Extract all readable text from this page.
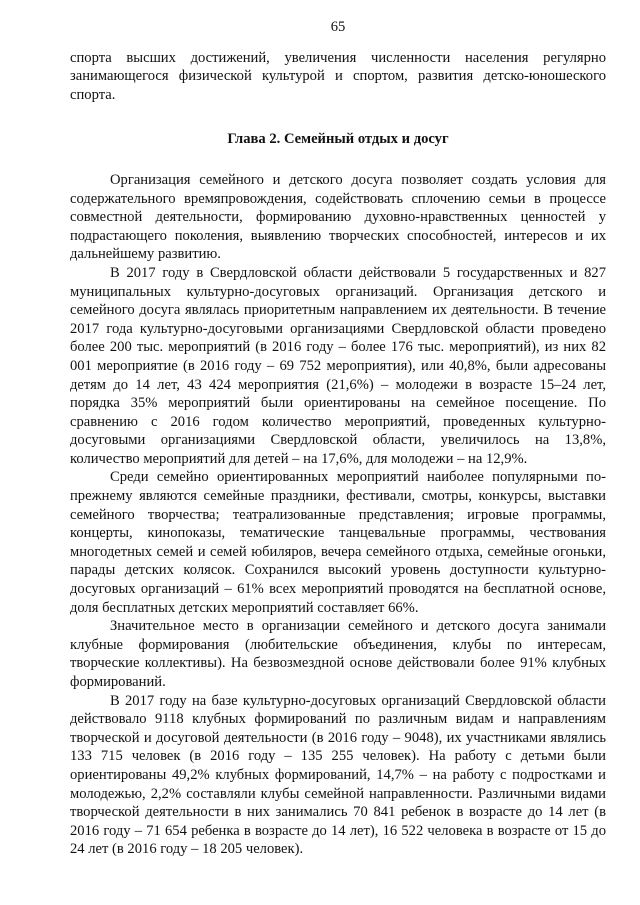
65

спорта высших достижений, увеличения численности населения регулярно занимающегося физической культурой и спортом, развития детско-юношеского спорта.

Глава 2. Семейный отдых и досуг

Организация семейного и детского досуга позволяет создать условия для содержательного времяпровождения, содействовать сплочению семьи в процессе совместной деятельности, формированию духовно-нравственных ценностей у подрастающего поколения, выявлению творческих способностей, интересов и их дальнейшему развитию.

В 2017 году в Свердловской области действовали 5 государственных и 827 муниципальных культурно-досуговых организаций. Организация детского и семейного досуга являлась приоритетным направлением их деятельности. В течение 2017 года культурно-досуговыми организациями Свердловской области проведено более 200 тыс. мероприятий (в 2016 году – более 176 тыс. мероприятий), из них 82 001 мероприятие (в 2016 году – 69 752 мероприятия), или 40,8%, были адресованы детям до 14 лет, 43 424 мероприятия (21,6%) – молодежи в возрасте 15–24 лет, порядка 35% мероприятий были ориентированы на семейное посещение. По сравнению с 2016 годом количество мероприятий, проведенных культурно-досуговыми организациями Свердловской области, увеличилось на 13,8%, количество мероприятий для детей – на 17,6%, для молодежи – на 12,9%.

Среди семейно ориентированных мероприятий наиболее популярными по-прежнему являются семейные праздники, фестивали, смотры, конкурсы, выставки семейного творчества; театрализованные представления; игровые программы, концерты, кинопоказы, тематические танцевальные программы, чествования многодетных семей и семей юбиляров, вечера семейного отдыха, семейные огоньки, парады детских колясок. Сохранился высокий уровень доступности культурно-досуговых организаций – 61% всех мероприятий проводятся на бесплатной основе, доля бесплатных детских мероприятий составляет 66%.

Значительное место в организации семейного и детского досуга занимали клубные формирования (любительские объединения, клубы по интересам, творческие коллективы). На безвозмездной основе действовали более 91% клубных формирований.

В 2017 году на базе культурно-досуговых организаций Свердловской области действовало 9118 клубных формирований по различным видам и направлениям творческой и досуговой деятельности (в 2016 году – 9048), их участниками являлись 133 715 человек (в 2016 году – 135 255 человек). На работу с детьми были ориентированы 49,2% клубных формирований, 14,7% – на работу с подростками и молодежью, 2,2% составляли клубы семейной направленности. Различными видами творческой деятельности в них занимались 70 841 ребенок в возрасте до 14 лет (в 2016 году – 71 654 ребенка в возрасте до 14 лет), 16 522 человека в возрасте от 15 до 24 лет (в 2016 году – 18 205 человек).
